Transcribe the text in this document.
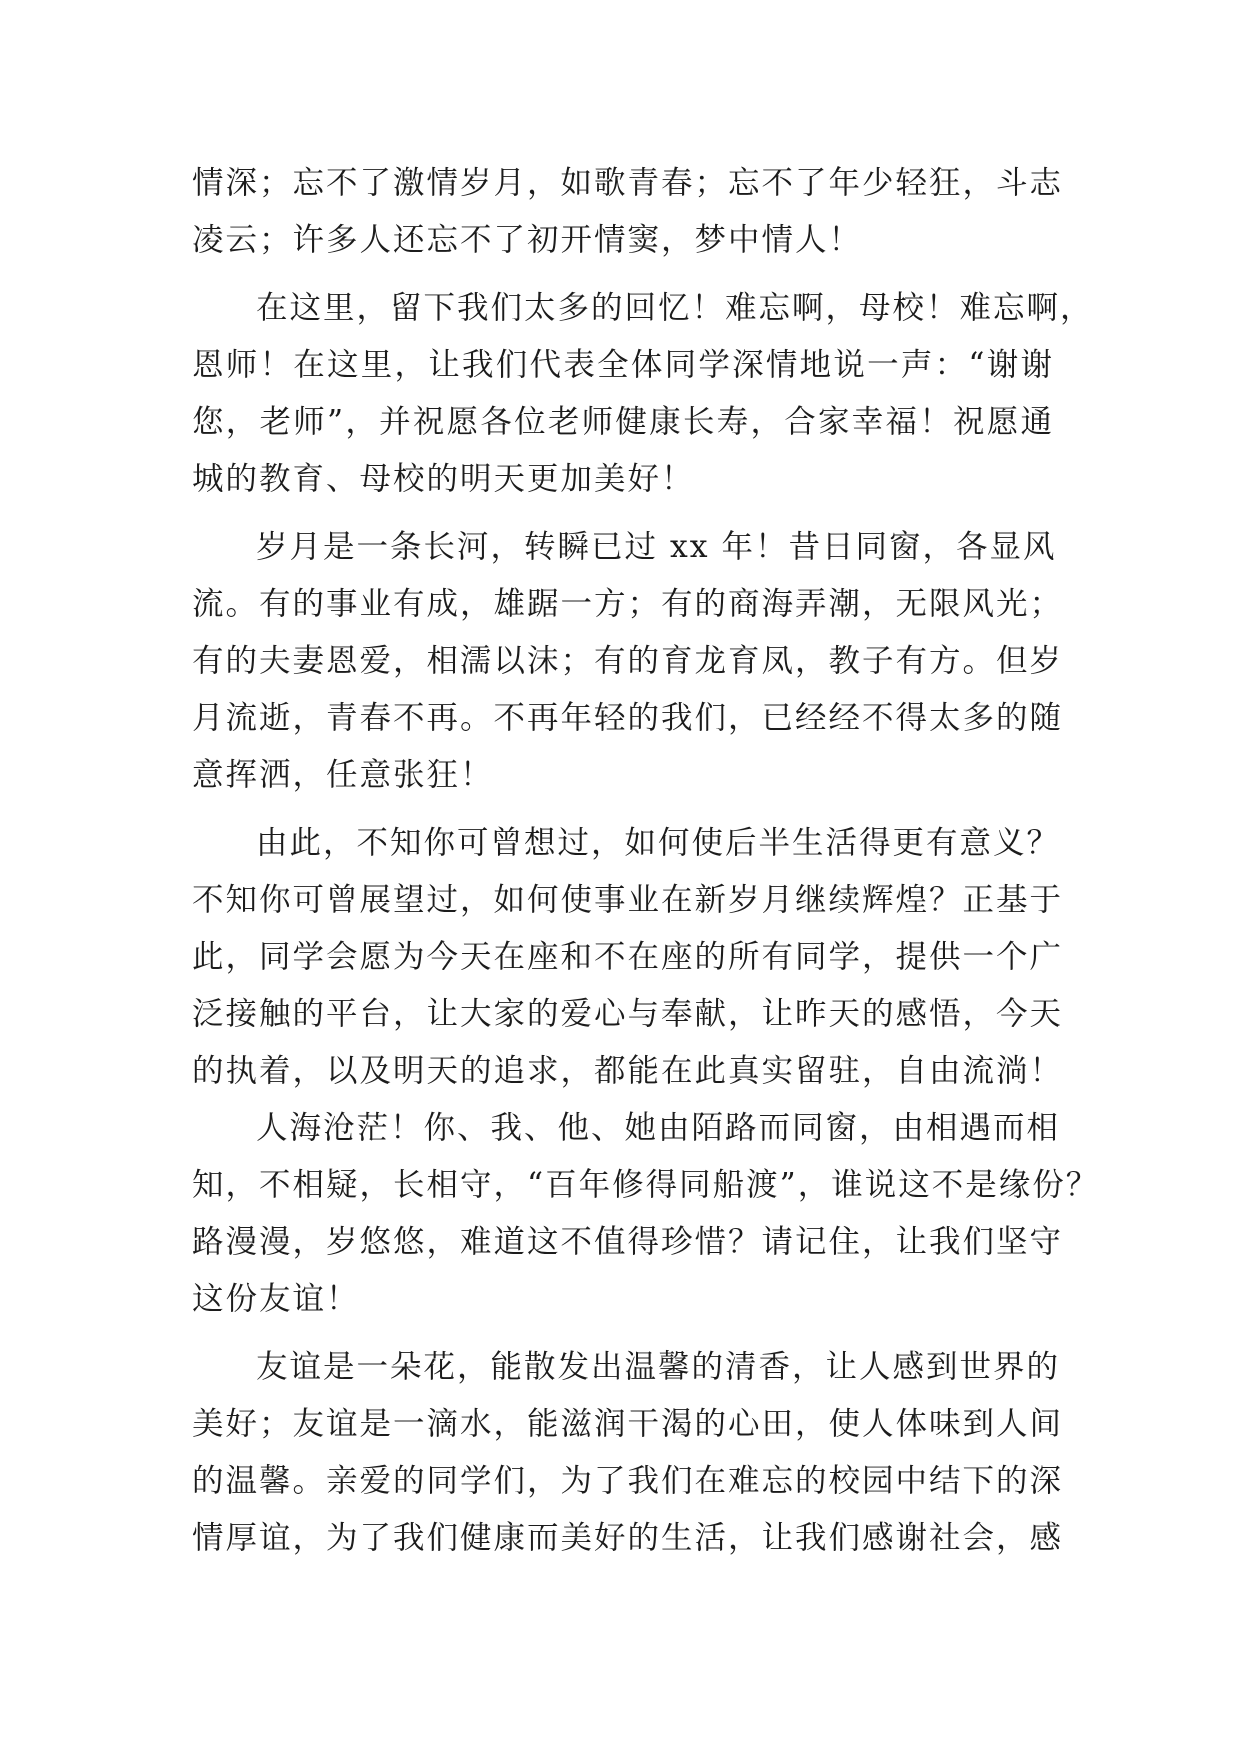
情深；忘不了激情岁月，如歌青春；忘不了年少轻狂，斗志
凌云；许多人还忘不了初开情窦，梦中情人！
在这里，留下我们太多的回忆！难忘啊，母校！难忘啊，
恩师！在这里，让我们代表全体同学深情地说一声：“谢谢
您，老师”，并祝愿各位老师健康长寿，合家幸福！祝愿通
城的教育、母校的明天更加美好！
岁月是一条长河，转瞬已过 xx 年！昔日同窗，各显风
流。有的事业有成，雄踞一方；有的商海弄潮，无限风光；
有的夫妻恩爱，相濡以沫；有的育龙育凤，教子有方。但岁
月流逝，青春不再。不再年轻的我们，已经经不得太多的随
意挥洒，任意张狂！
由此，不知你可曾想过，如何使后半生活得更有意义？
不知你可曾展望过，如何使事业在新岁月继续辉煌？正基于
此，同学会愿为今天在座和不在座的所有同学，提供一个广
泛接触的平台，让大家的爱心与奉献，让昨天的感悟，今天
的执着，以及明天的追求，都能在此真实留驻，自由流淌！
人海沧茫！你、我、他、她由陌路而同窗，由相遇而相
知，不相疑，长相守，“百年修得同船渡”，谁说这不是缘份？
路漫漫，岁悠悠，难道这不值得珍惜？请记住，让我们坚守
这份友谊！
友谊是一朵花，能散发出温馨的清香，让人感到世界的
美好；友谊是一滴水，能滋润干渴的心田，使人体味到人间
的温馨。亲爱的同学们，为了我们在难忘的校园中结下的深
情厚谊，为了我们健康而美好的生活，让我们感谢社会，感
